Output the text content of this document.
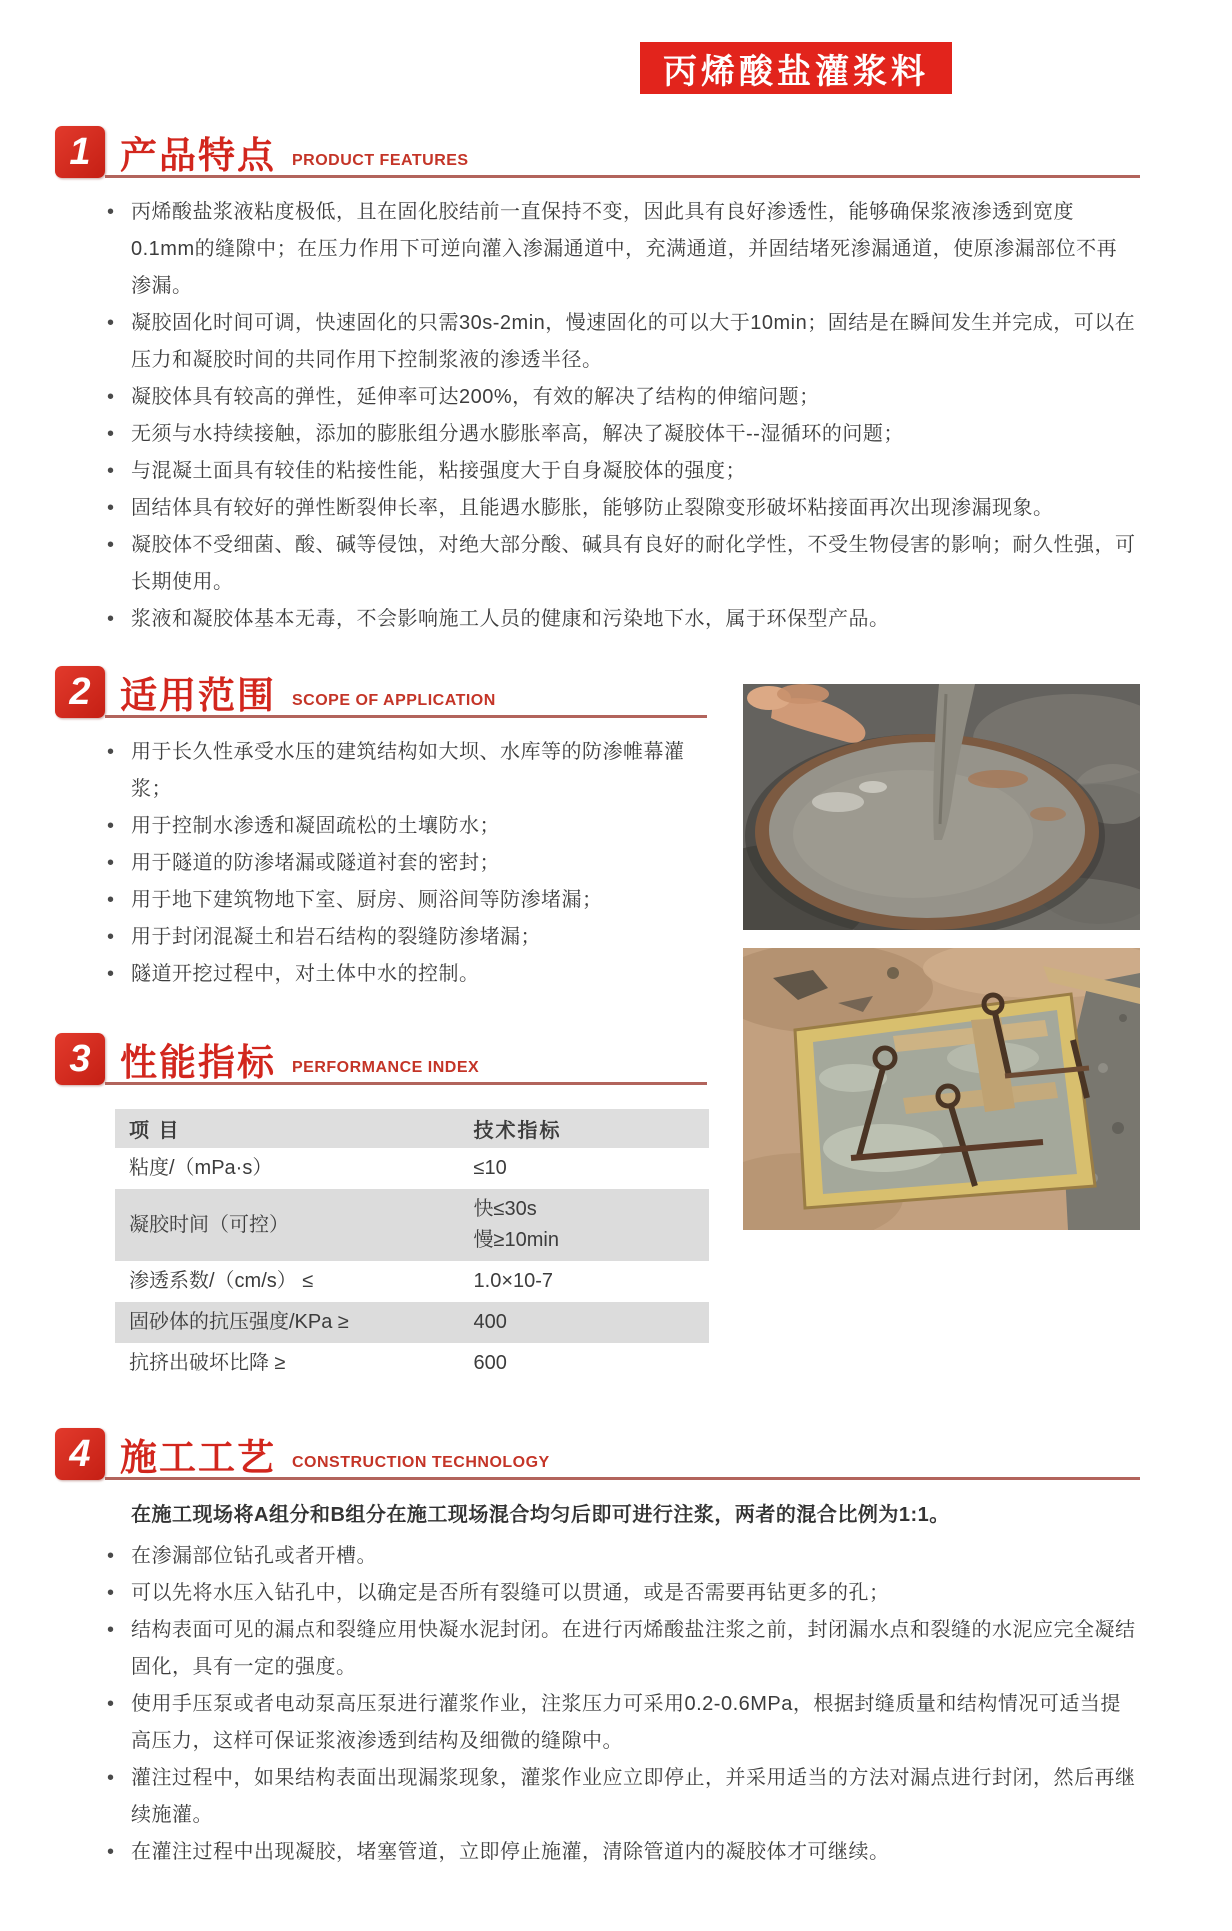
丙烯酸盐灌浆料
1 产品特点 PRODUCT FEATURES
• 丙烯酸盐浆液粘度极低，且在固化胶结前一直保持不变，因此具有良好渗透性，能够确保浆液渗透到宽度0.1mm的缝隙中；在压力作用下可逆向灌入渗漏通道中，充满通道，并固结堵死渗漏通道，使原渗漏部位不再渗漏。
• 凝胶固化时间可调，快速固化的只需30s-2min，慢速固化的可以大于10min；固结是在瞬间发生并完成，可以在压力和凝胶时间的共同作用下控制浆液的渗透半径。
• 凝胶体具有较高的弹性，延伸率可达200%，有效的解决了结构的伸缩问题；
• 无须与水持续接触，添加的膨胀组分遇水膨胀率高，解决了凝胶体干--湿循环的问题；
• 与混凝土面具有较佳的粘接性能，粘接强度大于自身凝胶体的强度；
• 固结体具有较好的弹性断裂伸长率，且能遇水膨胀，能够防止裂隙变形破坏粘接面再次出现渗漏现象。
• 凝胶体不受细菌、酸、碱等侵蚀，对绝大部分酸、碱具有良好的耐化学性，不受生物侵害的影响；耐久性强，可长期使用。
• 浆液和凝胶体基本无毒，不会影响施工人员的健康和污染地下水，属于环保型产品。
2 适用范围 SCOPE OF APPLICATION
• 用于长久性承受水压的建筑结构如大坝、水库等的防渗帷幕灌浆；
• 用于控制水渗透和凝固疏松的土壤防水；
• 用于隧道的防渗堵漏或隧道衬套的密封；
• 用于地下建筑物地下室、厨房、厕浴间等防渗堵漏；
• 用于封闭混凝土和岩石结构的裂缝防渗堵漏；
• 隧道开挖过程中，对土体中水的控制。
3 性能指标 PERFORMANCE INDEX
项 目	技术指标
粘度/（mPa·s）	≤10
凝胶时间（可控）	快≤30s
慢≥10min

渗透系数/（cm/s） ≤	1.0×10-7
固砂体的抗压强度/KPa ≥	400
抗挤出破坏比降 ≥	600
4 施工工艺 CONSTRUCTION TECHNOLOGY

在施工现场将A组分和B组分在施工现场混合均匀后即可进行注浆，两者的混合比例为1:1。

• 在渗漏部位钻孔或者开槽。
• 可以先将水压入钻孔中，以确定是否所有裂缝可以贯通，或是否需要再钻更多的孔；
• 结构表面可见的漏点和裂缝应用快凝水泥封闭。在进行丙烯酸盐注浆之前，封闭漏水点和裂缝的水泥应完全凝结固化，具有一定的强度。
• 使用手压泵或者电动泵高压泵进行灌浆作业，注浆压力可采用0.2-0.6MPa，根据封缝质量和结构情况可适当提高压力，这样可保证浆液渗透到结构及细微的缝隙中。
• 灌注过程中，如果结构表面出现漏浆现象，灌浆作业应立即停止，并采用适当的方法对漏点进行封闭，然后再继续施灌。
• 在灌注过程中出现凝胶，堵塞管道，立即停止施灌，清除管道内的凝胶体才可继续。
